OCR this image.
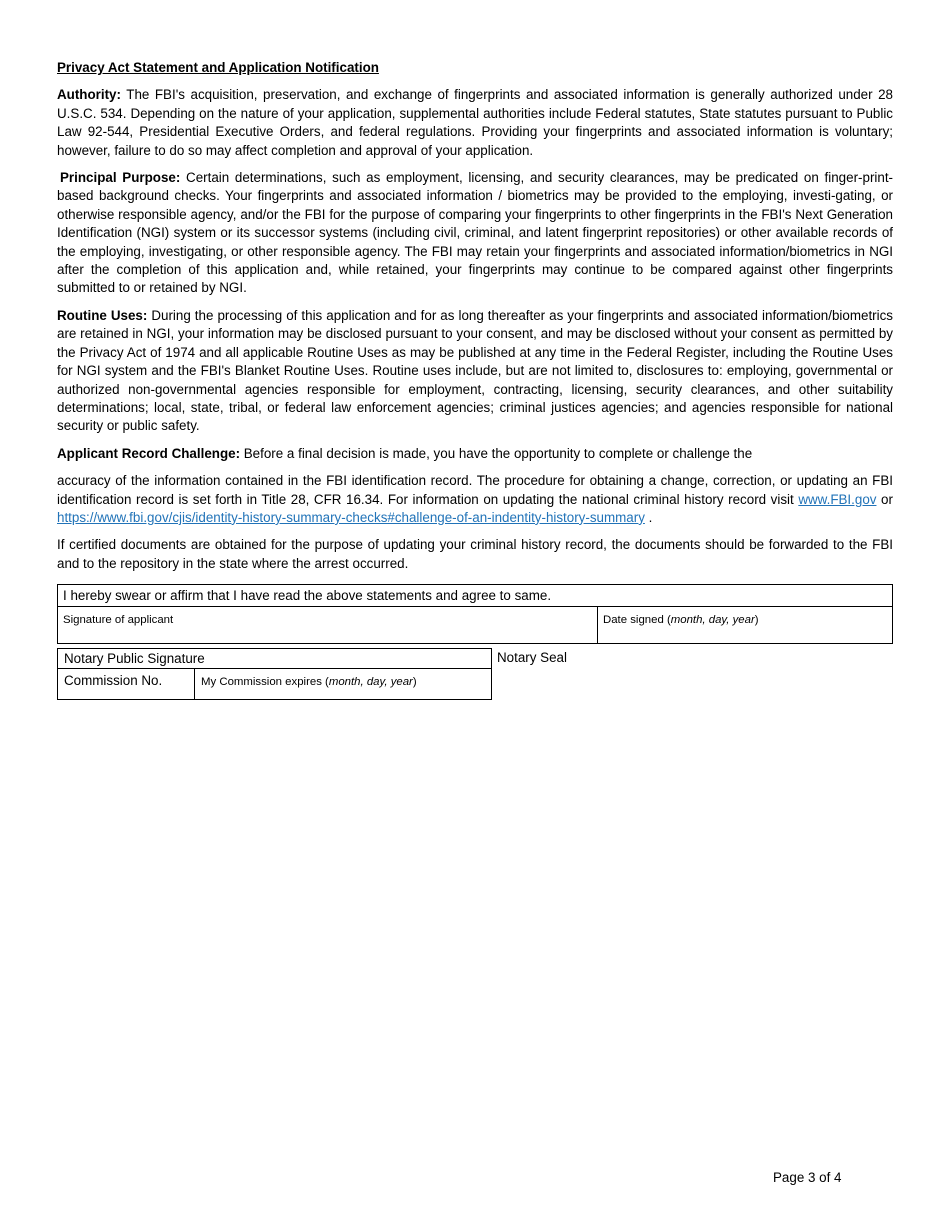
Privacy Act Statement and Application Notification

Authority: The FBI's acquisition, preservation, and exchange of fingerprints and associated information is generally authorized under 28 U.S.C. 534. Depending on the nature of your application, supplemental authorities include Federal statutes, State statutes pursuant to Public Law 92-544, Presidential Executive Orders, and federal regulations. Providing your fingerprints and associated information is voluntary; however, failure to do so may affect completion and approval of your application.

Principal Purpose: Certain determinations, such as employment, licensing, and security clearances, may be predicated on finger-print-based background checks. Your fingerprints and associated information / biometrics may be provided to the employing, investi-gating, or otherwise responsible agency, and/or the FBI for the purpose of comparing your fingerprints to other fingerprints in the FBI's Next Generation Identification (NGI) system or its successor systems (including civil, criminal, and latent fingerprint repositories) or other available records of the employing, investigating, or other responsible agency. The FBI may retain your fingerprints and associated information/biometrics in NGI after the completion of this application and, while retained, your fingerprints may continue to be compared against other fingerprints submitted to or retained by NGI.

Routine Uses: During the processing of this application and for as long thereafter as your fingerprints and associated information/biometrics are retained in NGI, your information may be disclosed pursuant to your consent, and may be disclosed without your consent as permitted by the Privacy Act of 1974 and all applicable Routine Uses as may be published at any time in the Federal Register, including the Routine Uses for NGI system and the FBI's Blanket Routine Uses. Routine uses include, but are not limited to, disclosures to: employing, governmental or authorized non-governmental agencies responsible for employment, contracting, licensing, security clearances, and other suitability determinations; local, state, tribal, or federal law enforcement agencies; criminal justices agencies; and agencies responsible for national security or public safety.

Applicant Record Challenge: Before a final decision is made, you have the opportunity to complete or challenge the

accuracy of the information contained in the FBI identification record. The procedure for obtaining a change, correction, or updating an FBI identification record is set forth in Title 28, CFR 16.34. For information on updating the national criminal history record visit www.FBI.gov or https://www.fbi.gov/cjis/identity-history-summary-checks#challenge-of-an-indentity-history-summary .

If certified documents are obtained for the purpose of updating your criminal history record, the documents should be forwarded to the FBI and to the repository in the state where the arrest occurred.

I hereby swear or affirm that I have read the above statements and agree to same.
Signature of applicant	Date signed (month, day, year)
Notary Public Signature
Commission No.	My Commission expires (month, day, year)
Notary Seal
Page 3 of 4
